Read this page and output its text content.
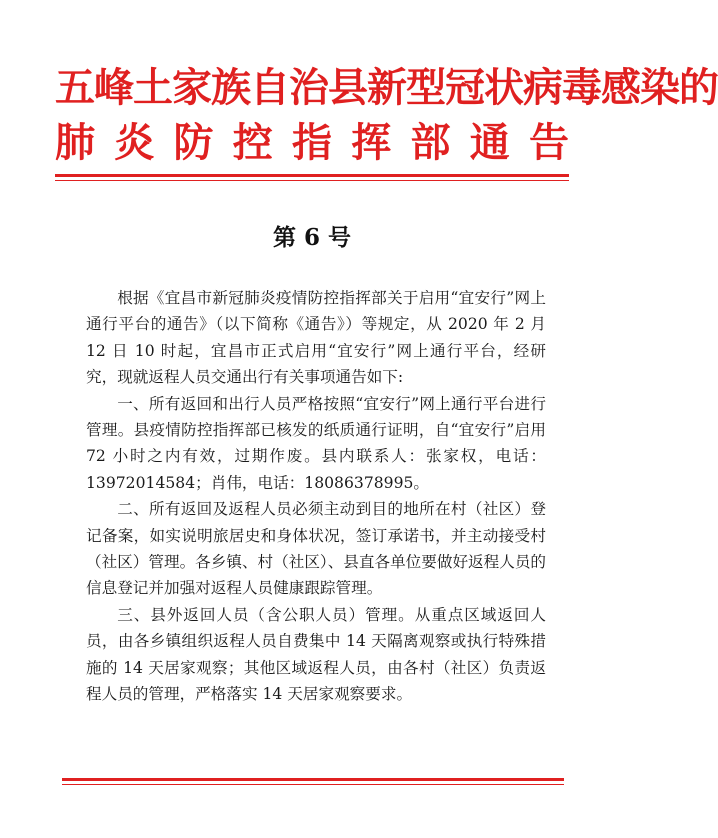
五峰土家族自治县新型冠状病毒感染的
肺炎防控指挥部通告
第 6 号

根据《宜昌市新冠肺炎疫情防控指挥部关于启用“宜安行”网上通行平台的通告》（以下简称《通告》）等规定，从 2020 年 2 月 12 日 10 时起，宜昌市正式启用“宜安行”网上通行平台，经研究，现就返程人员交通出行有关事项通告如下:

一、所有返回和出行人员严格按照“宜安行”网上通行平台进行管理。县疫情防控指挥部已核发的纸质通行证明，自“宜安行”启用 72 小时之内有效，过期作废。县内联系人：张家权，电话：13972014584；肖伟，电话：18086378995。

二、所有返回及返程人员必须主动到目的地所在村（社区）登记备案，如实说明旅居史和身体状况，签订承诺书，并主动接受村（社区）管理。各乡镇、村（社区）、县直各单位要做好返程人员的信息登记并加强对返程人员健康跟踪管理。

三、县外返回人员（含公职人员）管理。从重点区域返回人员，由各乡镇组织返程人员自费集中 14 天隔离观察或执行特殊措施的 14 天居家观察；其他区域返程人员，由各村（社区）负责返程人员的管理，严格落实 14 天居家观察要求。
